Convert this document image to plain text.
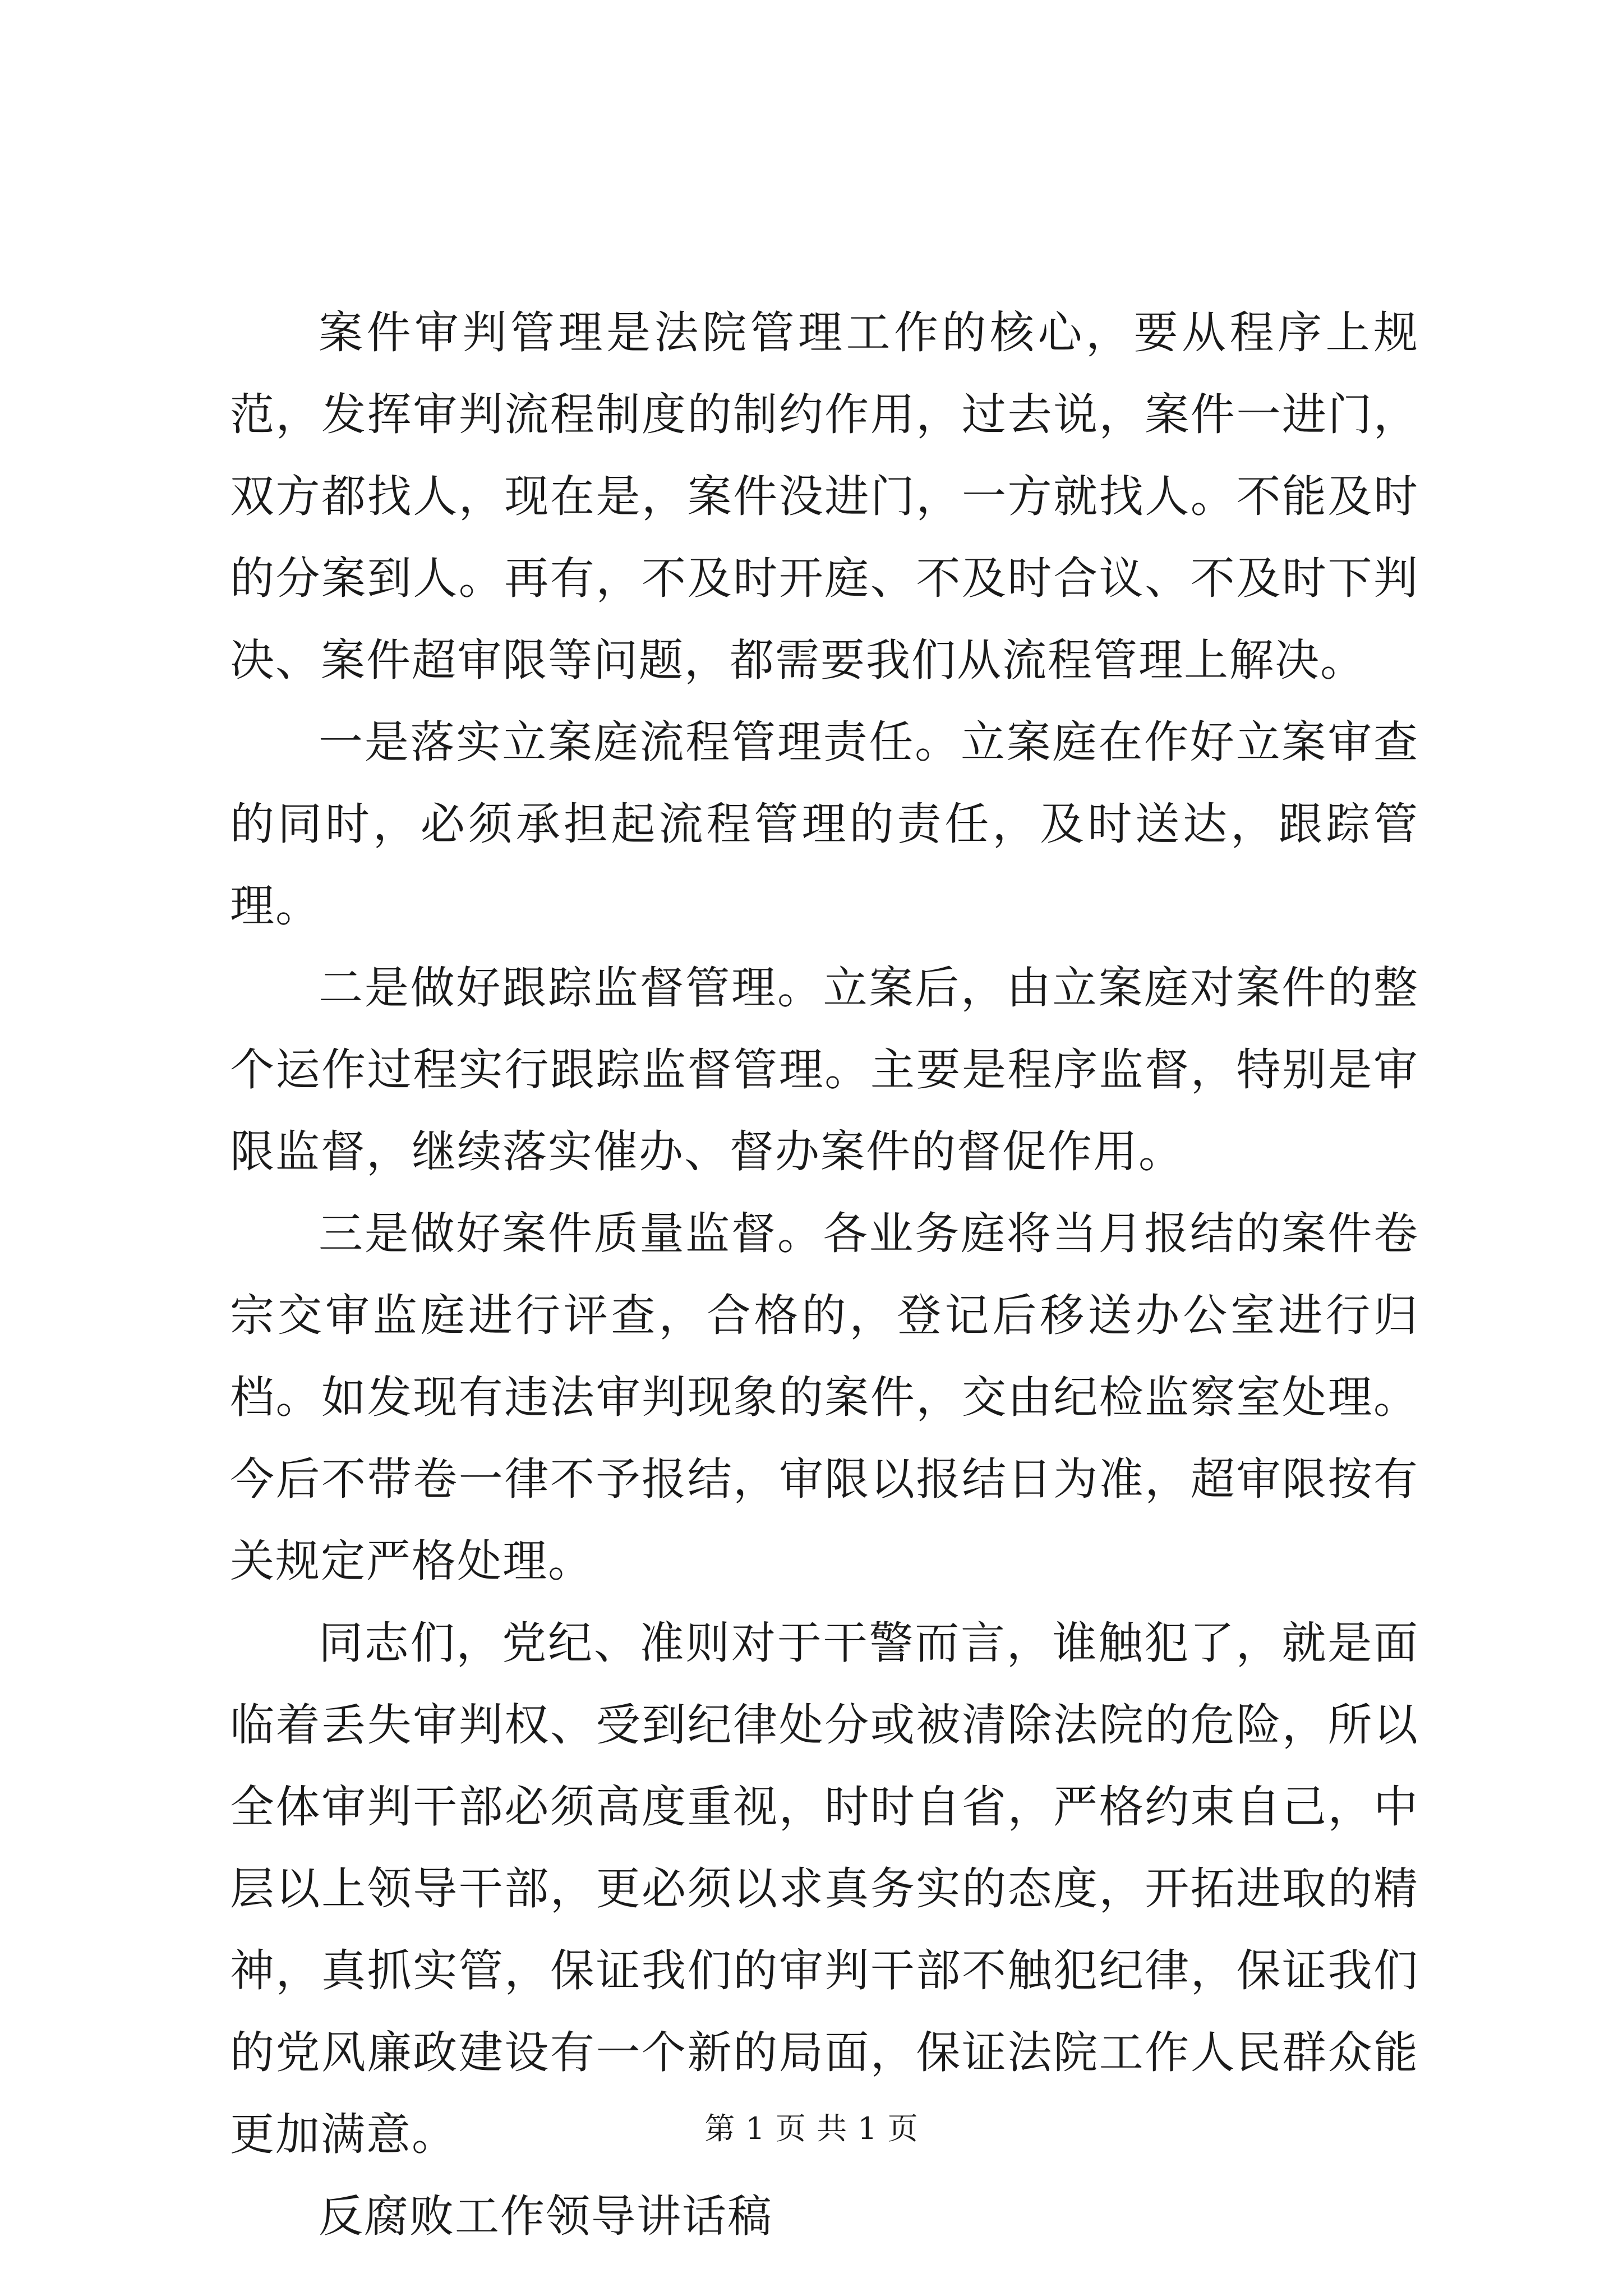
案件审判管理是法院管理工作的核心，要从程序上规范，发挥审判流程制度的制约作用，过去说，案件一进门，双方都找人，现在是，案件没进门，一方就找人。不能及时的分案到人。再有，不及时开庭、不及时合议、不及时下判决、案件超审限等问题，都需要我们从流程管理上解决。

一是落实立案庭流程管理责任。立案庭在作好立案审查的同时，必须承担起流程管理的责任，及时送达，跟踪管理。

二是做好跟踪监督管理。立案后，由立案庭对案件的整个运作过程实行跟踪监督管理。主要是程序监督，特别是审限监督，继续落实催办、督办案件的督促作用。

三是做好案件质量监督。各业务庭将当月报结的案件卷宗交审监庭进行评查，合格的，登记后移送办公室进行归档。如发现有违法审判现象的案件，交由纪检监察室处理。今后不带卷一律不予报结，审限以报结日为准，超审限按有关规定严格处理。

同志们，党纪、准则对于干警而言，谁触犯了，就是面临着丢失审判权、受到纪律处分或被清除法院的危险，所以全体审判干部必须高度重视，时时自省，严格约束自己，中层以上领导干部，更必须以求真务实的态度，开拓进取的精神，真抓实管，保证我们的审判干部不触犯纪律，保证我们的党风廉政建设有一个新的局面，保证法院工作人民群众能更加满意。

反腐败工作领导讲话稿

第 1 页 共 1 页
